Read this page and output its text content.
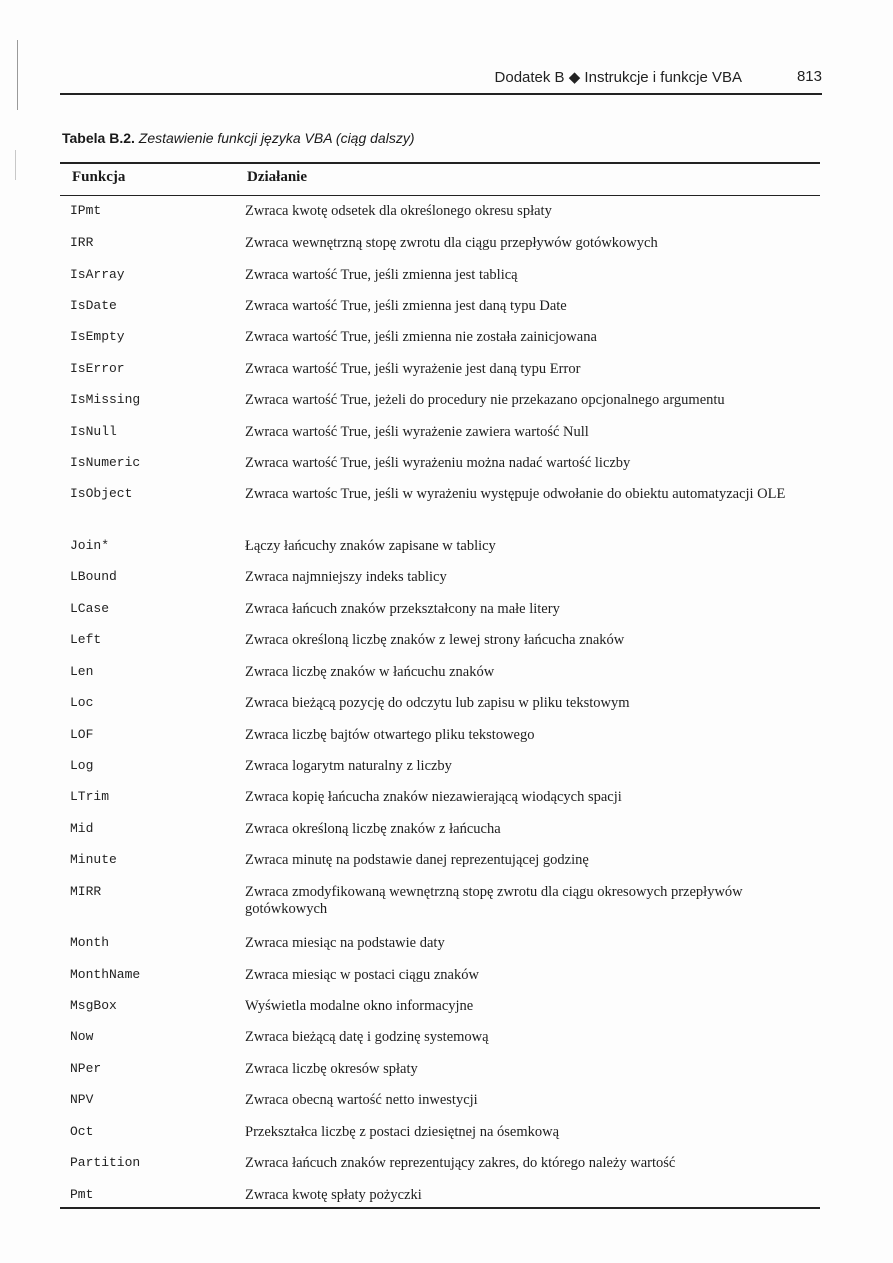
Dodatek B ◆ Instrukcje i funkcje VBA	813
Tabela B.2. Zestawienie funkcji języka VBA (ciąg dalszy)
Funkcja	Działanie
IPmt	Zwraca kwotę odsetek dla określonego okresu spłaty
IRR	Zwraca wewnętrzną stopę zwrotu dla ciągu przepływów gotówkowych
IsArray	Zwraca wartość True, jeśli zmienna jest tablicą
IsDate	Zwraca wartość True, jeśli zmienna jest daną typu Date
IsEmpty	Zwraca wartość True, jeśli zmienna nie została zainicjowana
IsError	Zwraca wartość True, jeśli wyrażenie jest daną typu Error
IsMissing	Zwraca wartość True, jeżeli do procedury nie przekazano opcjonalnego argumentu
IsNull	Zwraca wartość True, jeśli wyrażenie zawiera wartość Null
IsNumeric	Zwraca wartość True, jeśli wyrażeniu można nadać wartość liczby
IsObject	Zwraca wartośc True, jeśli w wyrażeniu występuje odwołanie do obiektu automatyzacji OLE
Join*	Łączy łańcuchy znaków zapisane w tablicy
LBound	Zwraca najmniejszy indeks tablicy
LCase	Zwraca łańcuch znaków przekształcony na małe litery
Left	Zwraca określoną liczbę znaków z lewej strony łańcucha znaków
Len	Zwraca liczbę znaków w łańcuchu znaków
Loc	Zwraca bieżącą pozycję do odczytu lub zapisu w pliku tekstowym
LOF	Zwraca liczbę bajtów otwartego pliku tekstowego
Log	Zwraca logarytm naturalny z liczby
LTrim	Zwraca kopię łańcucha znaków niezawierającą wiodących spacji
Mid	Zwraca określoną liczbę znaków z łańcucha
Minute	Zwraca minutę na podstawie danej reprezentującej godzinę
MIRR	Zwraca zmodyfikowaną wewnętrzną stopę zwrotu dla ciągu okresowych przepływów gotówkowych
Month	Zwraca miesiąc na podstawie daty
MonthName	Zwraca miesiąc w postaci ciągu znaków
MsgBox	Wyświetla modalne okno informacyjne
Now	Zwraca bieżącą datę i godzinę systemową
NPer	Zwraca liczbę okresów spłaty
NPV	Zwraca obecną wartość netto inwestycji
Oct	Przekształca liczbę z postaci dziesiętnej na ósemkową
Partition	Zwraca łańcuch znaków reprezentujący zakres, do którego należy wartość
Pmt	Zwraca kwotę spłaty pożyczki
